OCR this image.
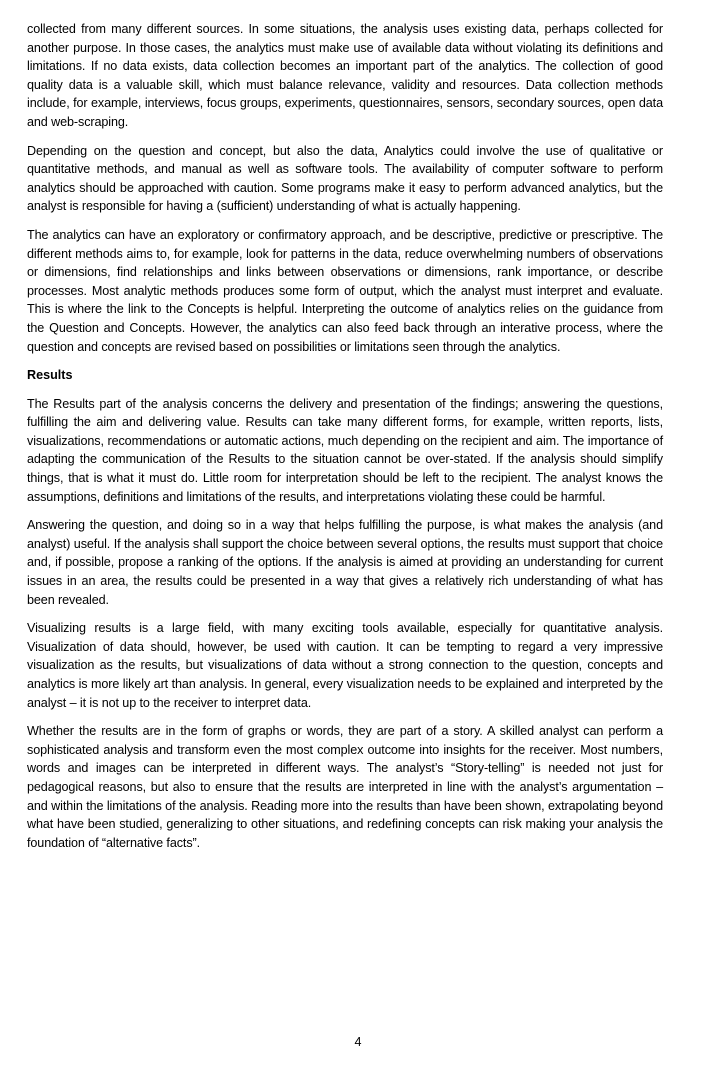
collected from many different sources. In some situations, the analysis uses existing data, perhaps collected for another purpose. In those cases, the analytics must make use of available data without violating its definitions and limitations. If no data exists, data collection becomes an important part of the analytics. The collection of good quality data is a valuable skill, which must balance relevance, validity and resources. Data collection methods include, for example, interviews, focus groups, experiments, questionnaires, sensors, secondary sources, open data and web-scraping.

Depending on the question and concept, but also the data, Analytics could involve the use of qualitative or quantitative methods, and manual as well as software tools. The availability of computer software to perform analytics should be approached with caution. Some programs make it easy to perform advanced analytics, but the analyst is responsible for having a (sufficient) understanding of what is actually happening.

The analytics can have an exploratory or confirmatory approach, and be descriptive, predictive or prescriptive. The different methods aims to, for example, look for patterns in the data, reduce overwhelming numbers of observations or dimensions, find relationships and links between observations or dimensions, rank importance, or describe processes. Most analytic methods produces some form of output, which the analyst must interpret and evaluate. This is where the link to the Concepts is helpful. Interpreting the outcome of analytics relies on the guidance from the Question and Concepts. However, the analytics can also feed back through an interative process, where the question and concepts are revised based on possibilities or limitations seen through the analytics.

Results

The Results part of the analysis concerns the delivery and presentation of the findings; answering the questions, fulfilling the aim and delivering value. Results can take many different forms, for example, written reports, lists, visualizations, recommendations or automatic actions, much depending on the recipient and aim. The importance of adapting the communication of the Results to the situation cannot be over-stated. If the analysis should simplify things, that is what it must do. Little room for interpretation should be left to the recipient. The analyst knows the assumptions, definitions and limitations of the results, and interpretations violating these could be harmful.

Answering the question, and doing so in a way that helps fulfilling the purpose, is what makes the analysis (and analyst) useful. If the analysis shall support the choice between several options, the results must support that choice and, if possible, propose a ranking of the options. If the analysis is aimed at providing an understanding for current issues in an area, the results could be presented in a way that gives a relatively rich understanding of what has been revealed.

Visualizing results is a large field, with many exciting tools available, especially for quantitative analysis. Visualization of data should, however, be used with caution. It can be tempting to regard a very impressive visualization as the results, but visualizations of data without a strong connection to the question, concepts and analytics is more likely art than analysis. In general, every visualization needs to be explained and interpreted by the analyst – it is not up to the receiver to interpret data.

Whether the results are in the form of graphs or words, they are part of a story. A skilled analyst can perform a sophisticated analysis and transform even the most complex outcome into insights for the receiver. Most numbers, words and images can be interpreted in different ways. The analyst’s “Story-telling” is needed not just for pedagogical reasons, but also to ensure that the results are interpreted in line with the analyst’s argumentation – and within the limitations of the analysis. Reading more into the results than have been shown, extrapolating beyond what have been studied, generalizing to other situations, and redefining concepts can risk making your analysis the foundation of “alternative facts”.

4
